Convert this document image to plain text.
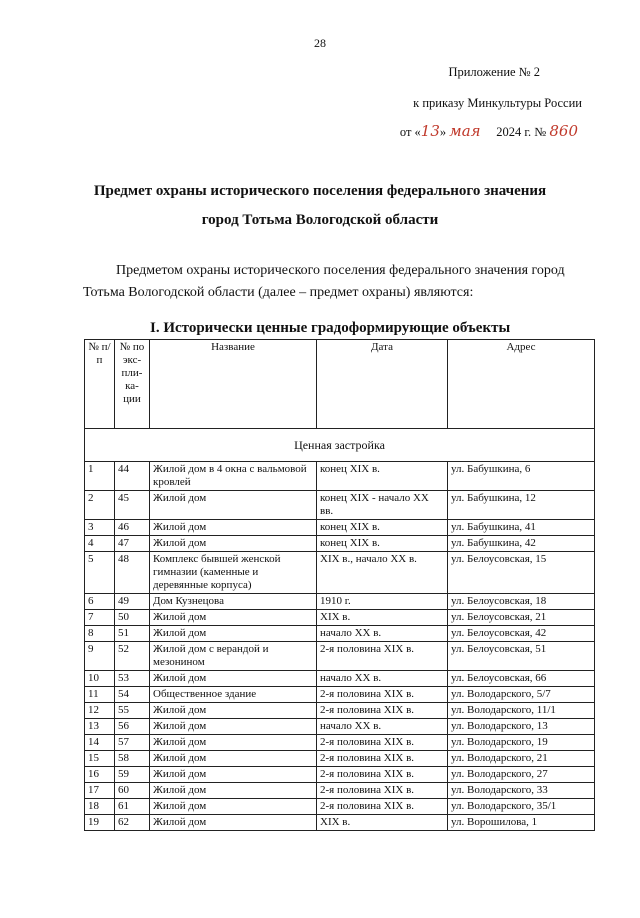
28
Приложение № 2
к приказу Минкультуры России
от «13» мая 2024 г. № 860
Предмет охраны исторического поселения федерального значения
город Тотьма Вологодской области
Предметом охраны исторического поселения федерального значения город Тотьма Вологодской области (далее – предмет охраны) являются:
I. Исторически ценные градоформирующие объекты
№ п/п	№ по экс-пли-ка-ции	Название	Дата	Адрес
Ценная застройка				
1	44	Жилой дом в 4 окна с вальмовой кровлей	конец XIX в.	ул. Бабушкина, 6
2	45	Жилой дом	конец XIX - начало XX вв.	ул. Бабушкина, 12
3	46	Жилой дом	конец XIX в.	ул. Бабушкина, 41
4	47	Жилой дом	конец XIX в.	ул. Бабушкина, 42
5	48	Комплекс бывшей женской гимназии (каменные и деревянные корпуса)	XIX в., начало XX в.	ул. Белоусовская, 15
6	49	Дом Кузнецова	1910 г.	ул. Белоусовская, 18
7	50	Жилой дом	XIX в.	ул. Белоусовская, 21
8	51	Жилой дом	начало XX в.	ул. Белоусовская, 42
9	52	Жилой дом с верандой и мезонином	2-я половина XIX в.	ул. Белоусовская, 51
10	53	Жилой дом	начало XX в.	ул. Белоусовская, 66
11	54	Общественное здание	2-я половина XIX в.	ул. Володарского, 5/7
12	55	Жилой дом	2-я половина XIX в.	ул. Володарского, 11/1
13	56	Жилой дом	начало XX в.	ул. Володарского, 13
14	57	Жилой дом	2-я половина XIX в.	ул. Володарского, 19
15	58	Жилой дом	2-я половина XIX в.	ул. Володарского, 21
16	59	Жилой дом	2-я половина XIX в.	ул. Володарского, 27
17	60	Жилой дом	2-я половина XIX в.	ул. Володарского, 33
18	61	Жилой дом	2-я половина XIX в.	ул. Володарского, 35/1
19	62	Жилой дом	XIX в.	ул. Ворошилова, 1
